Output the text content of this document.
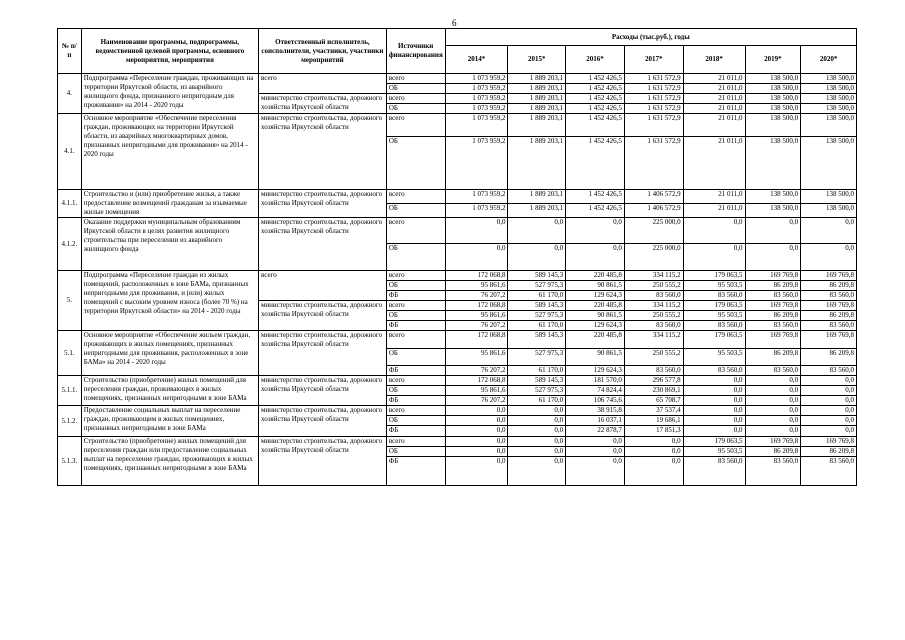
6
№ п/п	Наименование программы, подпрограммы, ведомственной целевой программы, основного мероприятия, мероприятия	Ответственный исполнитель, соисполнители, участники, участники мероприятий	Источники финансирования	Расходы (тыс.руб.), годы						
				2014*	2015*	2016*	2017*	2018*	2019*	2020*
4.	Подпрограмма «Переселение граждан, проживающих на территории Иркутской области, из аварийного жилищного фонда, признанного непригодным для проживания» на 2014 - 2020 годы	всего	всего	1 073 959,2	1 889 203,1	1 452 426,5	1 631 572,9	21 011,0	138 500,0	138 500,0
			ОБ	1 073 959,2	1 889 203,1	1 452 426,5	1 631 572,9	21 011,0	138 500,0	138 500,0
		министерство строительства, дорожного хозяйства Иркутской области	всего	1 073 959,2	1 889 203,1	1 452 426,5	1 631 572,9	21 011,0	138 500,0	138 500,0
			ОБ	1 073 959,2	1 889 203,1	1 452 426,5	1 631 572,9	21 011,0	138 500,0	138 500,0
4.1.	Основное мероприятие «Обеспечение переселения граждан, проживающих на территории Иркутской области, из аварийных многоквартирных домов, признанных непригодными для проживания» на 2014 - 2020 годы	министерство строительства, дорожного хозяйства Иркутской области	всего	1 073 959,2	1 889 203,1	1 452 426,5	1 631 572,9	21 011,0	138 500,0	138 500,0
			ОБ	1 073 959,2	1 889 203,1	1 452 426,5	1 631 572,9	21 011,0	138 500,0	138 500,0
4.1.1.	Строительство и (или) приобретение жилья, а также предоставление возмещений гражданам за изымаемые жилые помещения	министерство строительства, дорожного хозяйства Иркутской области	всего	1 073 959,2	1 889 203,1	1 452 426,5	1 406 572,9	21 011,0	138 500,0	138 500,0
			ОБ	1 073 959,2	1 889 203,1	1 452 426,5	1 406 572,9	21 011,0	138 500,0	138 500,0
4.1.2.	Оказание поддержки муниципальным образованиям Иркутской области в целях развития жилищного строительства при переселении из аварийного жилищного фонда	министерство строительства, дорожного хозяйства Иркутской области	всего	0,0	0,0	0,0	225 000,0	0,0	0,0	0,0
			ОБ	0,0	0,0	0,0	225 000,0	0,0	0,0	0,0
5.	Подпрограмма «Переселение граждан из жилых помещений, расположенных в зоне БАМа, признанных непригодными для проживания, и (или) жилых помещений с высоким уровнем износа (более 70 %) на территории Иркутской области» на 2014 - 2020 годы	всего	всего	172 068,8	589 145,3	220 485,8	334 115,2	179 063,5	169 769,8	169 769,8
			ОБ	95 861,6	527 975,3	90 861,5	250 555,2	95 503,5	86 209,8	86 209,8
			ФБ	76 207,2	61 170,0	129 624,3	83 560,0	83 560,0	83 560,0	83 560,0
		министерство строительства, дорожного хозяйства Иркутской области	всего	172 068,8	589 145,3	220 485,8	334 115,2	179 063,5	169 769,8	169 769,8
			ОБ	95 861,6	527 975,3	90 861,5	250 555,2	95 503,5	86 209,8	86 209,8
			ФБ	76 207,2	61 170,0	129 624,3	83 560,0	83 560,0	83 560,0	83 560,0
5.1.	Основное мероприятие «Обеспечение жильем граждан, проживающих в жилых помещениях, признанных непригодными для проживания, расположенных в зоне БАМа» на 2014 - 2020 годы	министерство строительства, дорожного хозяйства Иркутской области	всего	172 068,8	589 145,3	220 485,8	334 115,2	179 063,5	169 769,8	169 769,8
			ОБ	95 861,6	527 975,3	90 861,5	250 555,2	95 503,5	86 209,8	86 209,8
			ФБ	76 207,2	61 170,0	129 624,3	83 560,0	83 560,0	83 560,0	83 560,0
5.1.1.	Строительство (приобретение) жилых помещений для переселения граждан, проживающих в жилых помещениях, признанных непригодными в зоне БАМа	министерство строительства, дорожного хозяйства Иркутской области	всего	172 068,8	589 145,3	181 570,0	296 577,8	0,0	0,0	0,0
			ОБ	95 861,6	527 975,3	74 824,4	230 869,1	0,0	0,0	0,0
			ФБ	76 207,2	61 170,0	106 745,6	65 708,7	0,0	0,0	0,0
5.1.2.	Предоставление социальных выплат на переселение граждан, проживающим в жилых помещениях, признанных непригодными в зоне БАМа	министерство строительства, дорожного хозяйства Иркутской области	всего	0,0	0,0	38 915,8	37 537,4	0,0	0,0	0,0
			ОБ	0,0	0,0	16 037,1	19 686,1	0,0	0,0	0,0
			ФБ	0,0	0,0	22 878,7	17 851,3	0,0	0,0	0,0
5.1.3.	Строительство (приобретение) жилых помещений для переселения граждан или предоставление социальных выплат на переселение граждан, проживающих в жилых помещениях, признанных непригодными в зоне БАМа	министерство строительства, дорожного хозяйства Иркутской области	всего	0,0	0,0	0,0	0,0	179 063,5	169 769,8	169 769,8
			ОБ	0,0	0,0	0,0	0,0	95 503,5	86 209,8	86 209,8
			ФБ	0,0	0,0	0,0	0,0	83 560,0	83 560,0	83 560,0
